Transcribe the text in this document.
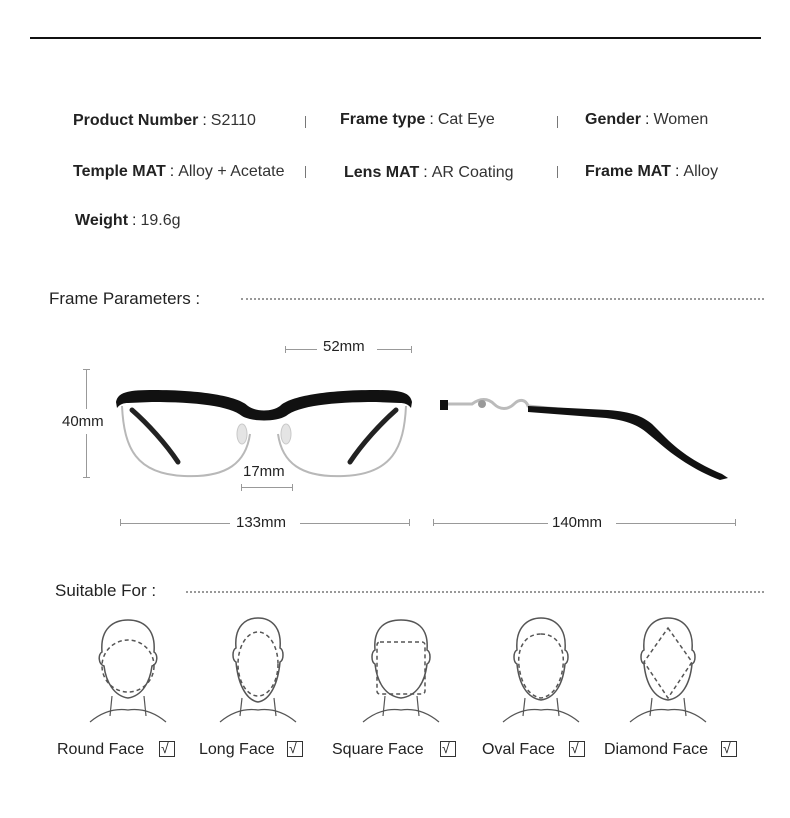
Product Number : S2110	Frame type : Cat Eye	Gender : Women
Temple MAT : Alloy + Acetate	Lens MAT : AR Coating	Frame MAT : Alloy
Weight : 19.6g
Frame Parameters :
52mm
40mm
17mm
133mm	140mm
Suitable For :
Round Face √ Long Face √ Square Face √ Oval Face √ Diamond Face √
